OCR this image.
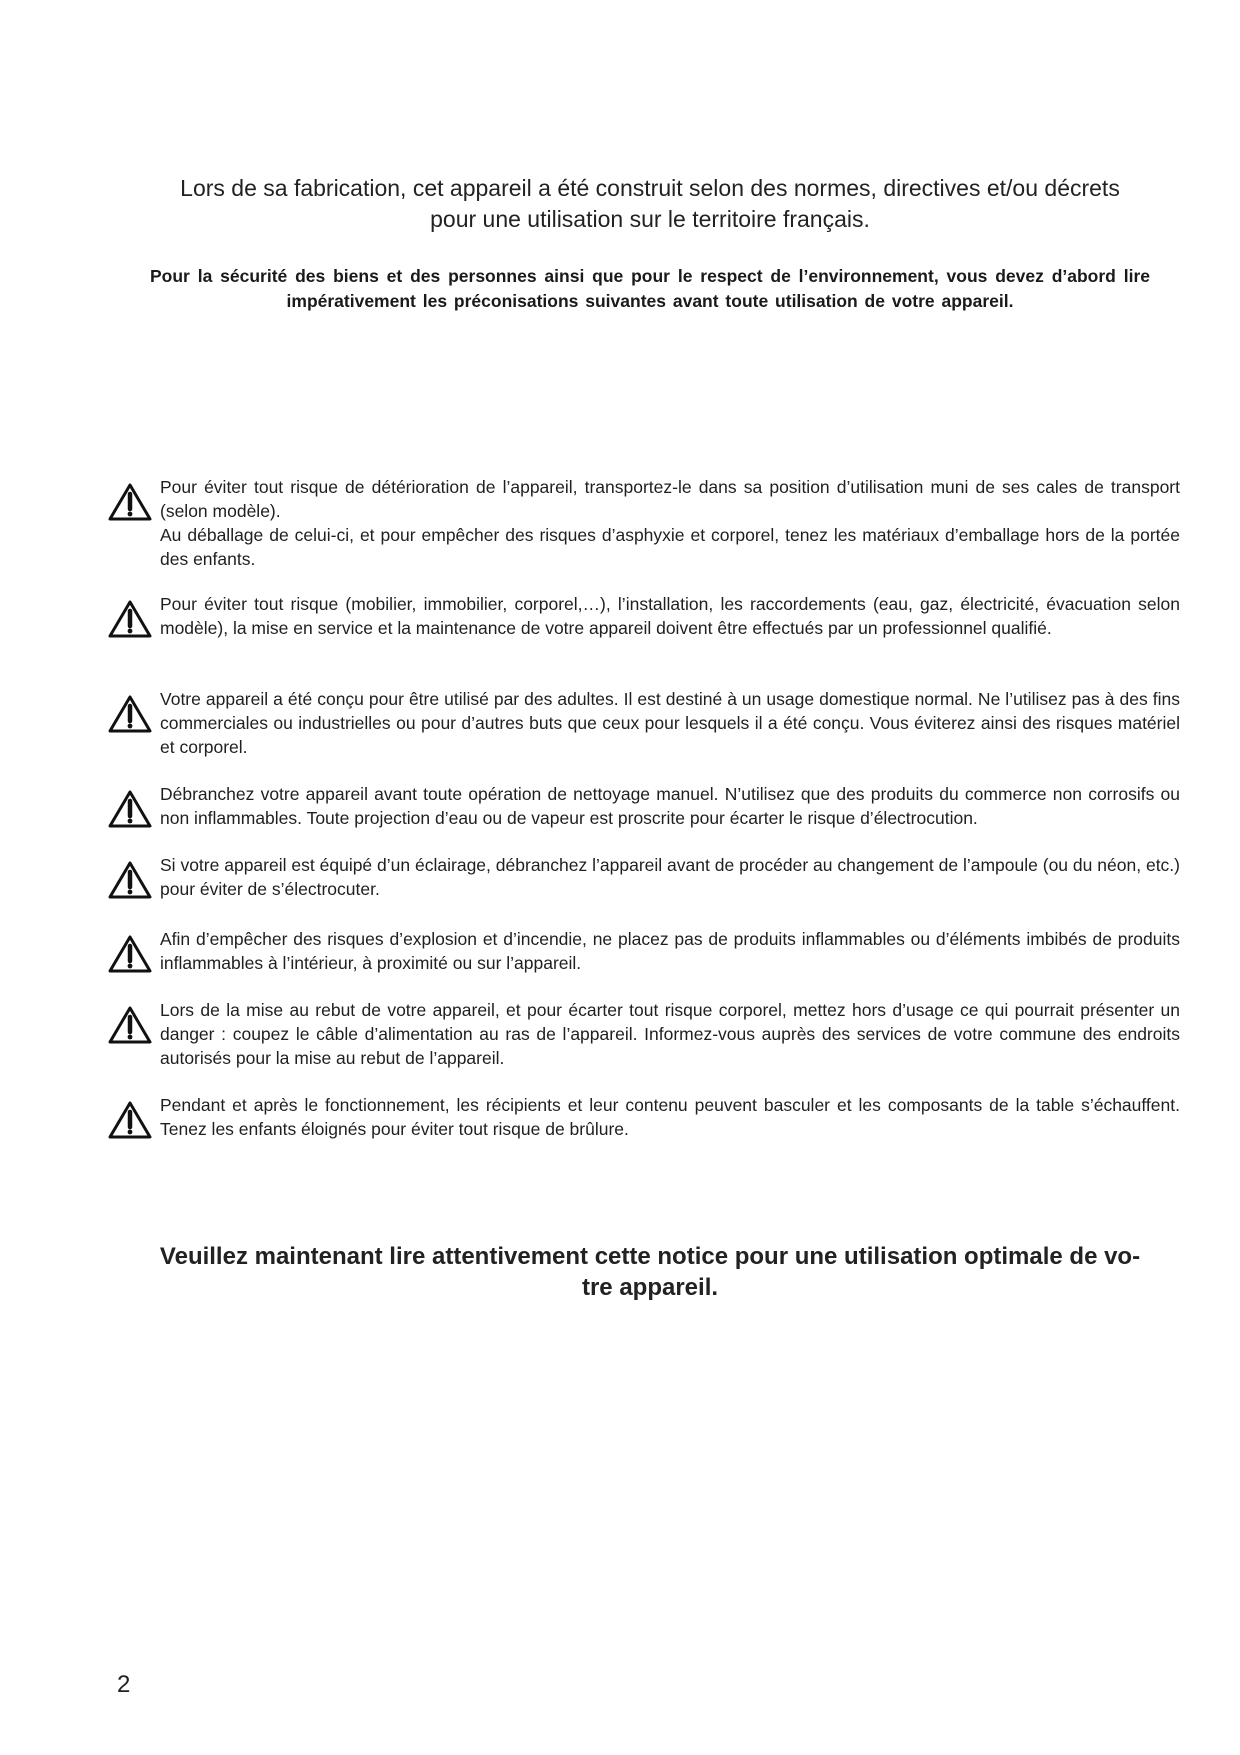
Lors de sa fabrication, cet appareil a été construit selon des normes, directives et/ou décrets

pour une utilisation sur le territoire français.

Pour la sécurité des biens et des personnes ainsi que pour le respect de l’environnement, vous devez d’abord lire impérativement les préconisations suivantes avant toute utilisation de votre appareil.

Pour éviter tout risque de détérioration de l’appareil, transportez-le dans sa position d’utilisation muni de ses cales de transport (selon modèle).

Au déballage de celui-ci, et pour empêcher des risques d’asphyxie et corporel, tenez les matériaux d’emballage hors de la portée des enfants.

Pour éviter tout risque (mobilier, immobilier, corporel,…), l’installation, les raccordements (eau, gaz, électricité, évacuation selon modèle), la mise en service et la maintenance de votre appareil doivent être effectués par un professionnel qualifié.

Votre appareil a été conçu pour être utilisé par des adultes. Il est destiné à un usage domestique normal. Ne l’utilisez pas à des fins commerciales ou industrielles ou pour d’autres buts que ceux pour lesquels il a été conçu. Vous éviterez ainsi des risques matériel et corporel.

Débranchez votre appareil avant toute opération de nettoyage manuel. N’utilisez que des produits du commerce non corrosifs ou non inflammables. Toute projection d’eau ou de vapeur est proscrite pour écarter le risque d’électrocution.

Si votre appareil est équipé d’un éclairage, débranchez l’appareil avant de procéder au changement de l’ampoule (ou du néon, etc.) pour éviter de s’électrocuter.

Afin d’empêcher des risques d’explosion et d’incendie, ne placez pas de produits inflammables ou d’éléments imbibés de produits inflammables à l’intérieur, à proximité ou sur l’appareil.

Lors de la mise au rebut de votre appareil, et pour écarter tout risque corporel, mettez hors d’usage ce qui pourrait présenter un danger : coupez le câble d’alimentation au ras de l’appareil. Informez-vous auprès des services de votre commune des endroits autorisés pour la mise au rebut de l’appareil.

Pendant et après le fonctionnement, les récipients et leur contenu peuvent basculer et les composants de la table s’échauffent. Tenez les enfants éloignés pour éviter tout risque de brûlure.

Veuillez maintenant lire attentivement cette notice pour une utilisation optimale de vo-
tre appareil.
2
